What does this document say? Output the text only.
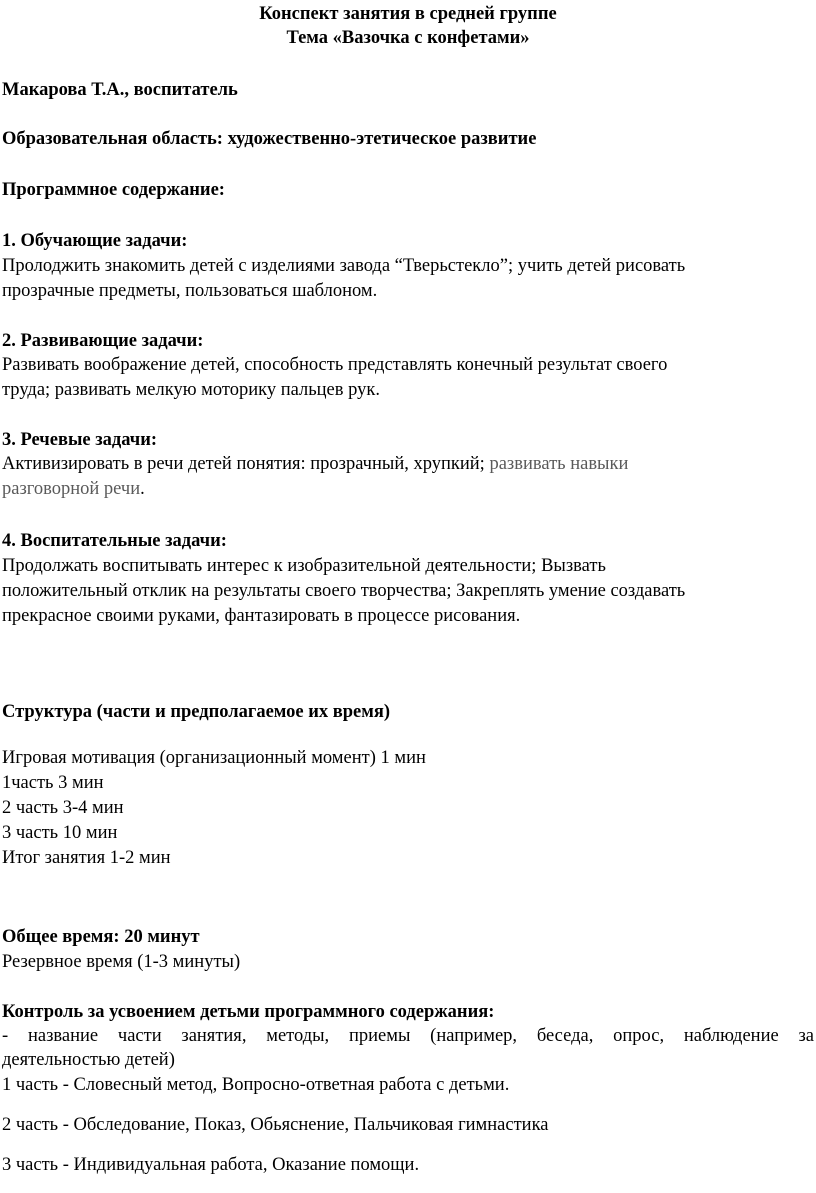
Конспект занятия в средней группе
Тема «Вазочка с конфетами»
Макарова Т.А., воспитатель
Образовательная область: художественно-этетическое развитие
Программное содержание:
1. Обучающие задачи:
Пролоджить знакомить детей с изделиями завода “Тверьстекло”; учить детей рисовать
прозрачные предметы, пользоваться шаблоном.
2. Развивающие задачи:
Развивать воображение детей, способность представлять конечный результат своего
труда; развивать мелкую моторику пальцев рук.
3. Речевые задачи:
Активизировать в речи детей понятия: прозрачный, хрупкий; развивать навыки
разговорной речи.
4. Воспитательные задачи:
Продолжать воспитывать интерес к изобразительной деятельности; Вызвать
положительный отклик на результаты своего творчества; Закреплять умение создавать
прекрасное своими руками, фантазировать в процессе рисования.
Структура (части и предполагаемое их время)
Игровая мотивация (организационный момент) 1 мин
1часть 3 мин
2 часть 3-4 мин
3 часть 10 мин
Итог занятия 1-2 мин
Общее время: 20 минут
Резервное время (1-3 минуты)
Контроль за усвоением детьми программного содержания:
- название части занятия, методы, приемы (например, беседа, опрос, наблюдение за
деятельностью детей)
1 часть - Словесный метод, Вопросно-ответная работа с детьми.
2 часть - Обследование, Показ, Обьяснение, Пальчиковая гимнастика
3 часть - Индивидуальная работа, Оказание помощи.
